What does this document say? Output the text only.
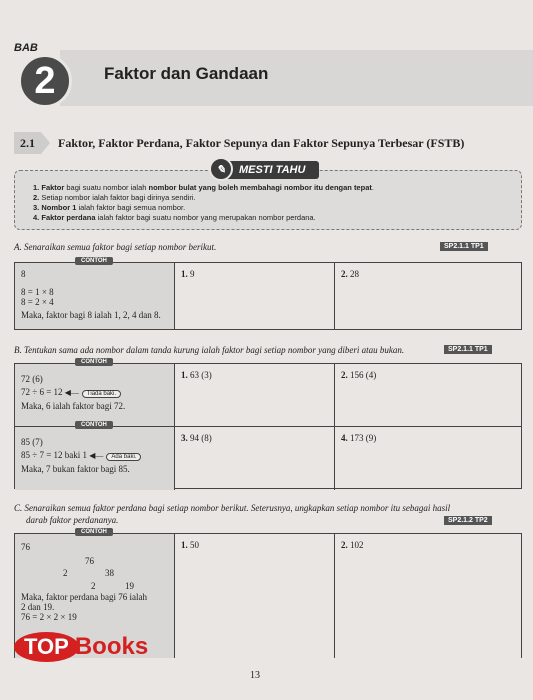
BAB
2	Faktor dan Gandaan
2.1	Faktor, Faktor Perdana, Faktor Sepunya dan Faktor Sepunya Terbesar (FSTB)
✎	MESTI TAHU
1. Faktor bagi suatu nombor ialah nombor bulat yang boleh membahagi nombor itu dengan tepat.
2. Setiap nombor ialah faktor bagi dirinya sendiri.
3. Nombor 1 ialah faktor bagi semua nombor.
4. Faktor perdana ialah faktor bagi suatu nombor yang merupakan nombor perdana.
A. Senaraikan semua faktor bagi setiap nombor berikut.	SP2.1.1 TP1
CONTOH
8
8 = 1 × 8
8 = 2 × 4
Maka, faktor bagi 8 ialah 1, 2, 4 dan 8.
1. 9	2. 28
B. Tentukan sama ada nombor dalam tanda kurung ialah faktor bagi setiap nombor yang diberi atau bukan.	SP2.1.1 TP1
CONTOH
72 (6)
72 ÷ 6 = 12 ◀— Tiada baki.
Maka, 6 ialah faktor bagi 72.
1. 63 (3)	2. 156 (4)
CONTOH
85 (7)
85 ÷ 7 = 12 baki 1 ◀— Ada baki.
Maka, 7 bukan faktor bagi 85.
3. 94 (8)	4. 173 (9)
C. Senaraikan semua faktor perdana bagi setiap nombor berikut. Seterusnya, ungkapkan setiap nombor itu sebagai hasil
darab faktor perdananya.	SP2.1.2 TP2
CONTOH
76
76
2	38
2	19
Maka, faktor perdana bagi 76 ialah
2 dan 19.
76 = 2 × 2 × 19
1. 50	2. 102
TOP Books
13
